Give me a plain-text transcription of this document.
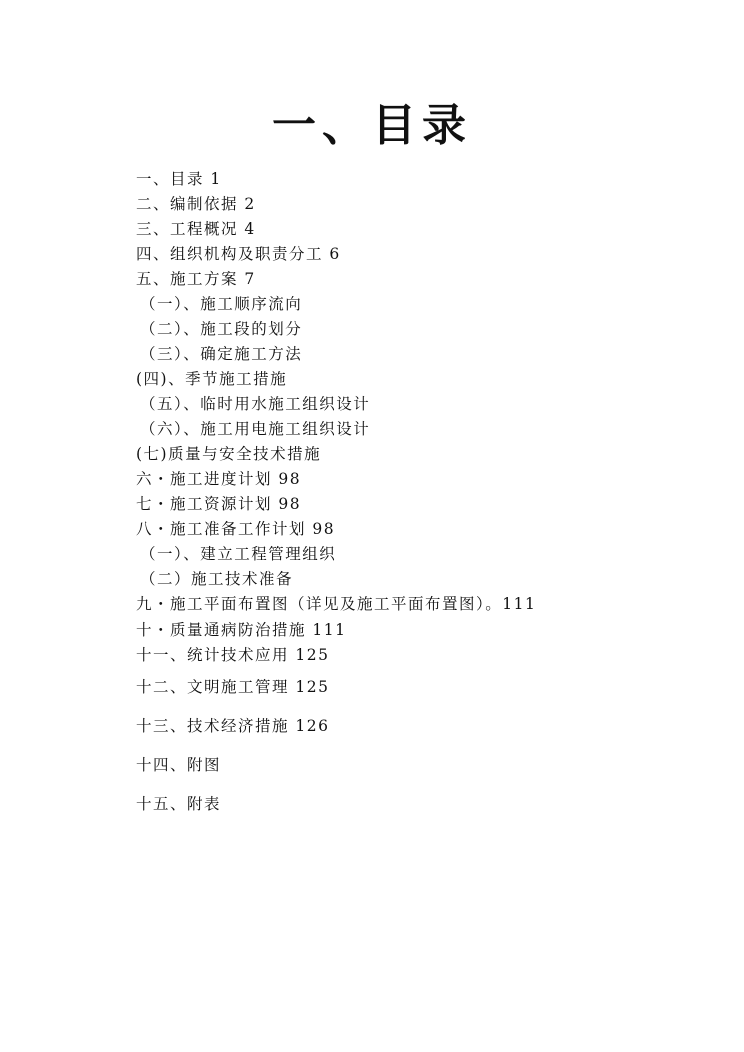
一、目录
一、目录 1
二、编制依据 2
三、工程概况 4
四、组织机构及职责分工 6
五、施工方案 7
（一）、施工顺序流向
（二）、施工段的划分
（三）、确定施工方法
(四)、季节施工措施
（五）、临时用水施工组织设计
（六）、施工用电施工组织设计
(七)质量与安全技术措施
六・施工进度计划 98
七・施工资源计划 98
八・施工准备工作计划 98
（一）、建立工程管理组织
（二）施工技术准备
九・施工平面布置图（详见及施工平面布置图）。111
十・质量通病防治措施 111
十一、统计技术应用 125
十二、文明施工管理 125
十三、技术经济措施 126
十四、附图
十五、附表
